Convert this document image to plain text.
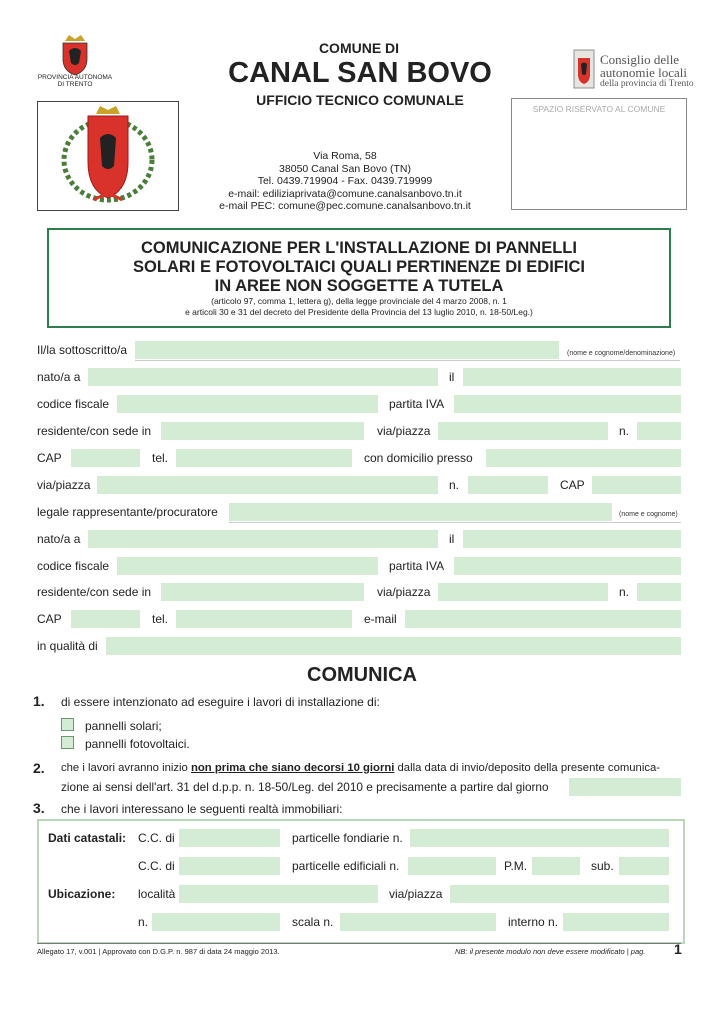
PROVINCIA AUTONOMA
DI TRENTO
COMUNE DI
CANAL SAN BOVO
UFFICIO TECNICO COMUNALE
Consiglio delle
autonomie locali
della provincia di Trento
SPAZIO RISERVATO AL COMUNE
Via Roma, 58
38050 Canal San Bovo (TN)
Tel. 0439.719904 - Fax. 0439.719999
e-mail: ediliziaprivata@comune.canalsanbovo.tn.it
e-mail PEC: comune@pec.comune.canalsanbovo.tn.it
COMUNICAZIONE PER L'INSTALLAZIONE DI PANNELLI
SOLARI E FOTOVOLTAICI QUALI PERTINENZE DI EDIFICI
IN AREE NON SOGGETTE A TUTELA
(articolo 97, comma 1, lettera g), della legge provinciale del 4 marzo 2008, n. 1
e articoli 30 e 31 del decreto del Presidente della Provincia del 13 luglio 2010, n. 18-50/Leg.)
Il/la sottoscritto/a	(nome e cognome/denominazione)
nato/a a	il
codice fiscale	partita IVA
residente/con sede in	via/piazza	n.
CAP	tel.	con domicilio presso
via/piazza	n.	CAP
legale rappresentante/procuratore	(nome e cognome)
nato/a a	il
codice fiscale	partita IVA
residente/con sede in	via/piazza	n.
CAP	tel.	e-mail
in qualità di
COMUNICA
1. di essere intenzionato ad eseguire i lavori di installazione di:
pannelli solari;
pannelli fotovoltaici.
2. che i lavori avranno inizio non prima che siano decorsi 10 giorni dalla data di invio/deposito della presente comunica-
zione ai sensi dell'art. 31 del d.p.p. n. 18-50/Leg. del 2010 e precisamente a partire dal giorno
3. che i lavori interessano le seguenti realtà immobiliari:
Dati catastali: C.C. di	particelle fondiarie n.
C.C. di	particelle edificiali n.	P.M.	sub.
Ubicazione: località	via/piazza
n.	scala n.	interno n.
Allegato 17, v.001 | Approvato con D.G.P. n. 987 di data 24 maggio 2013.	NB: il presente modulo non deve essere modificato | pag. 1
